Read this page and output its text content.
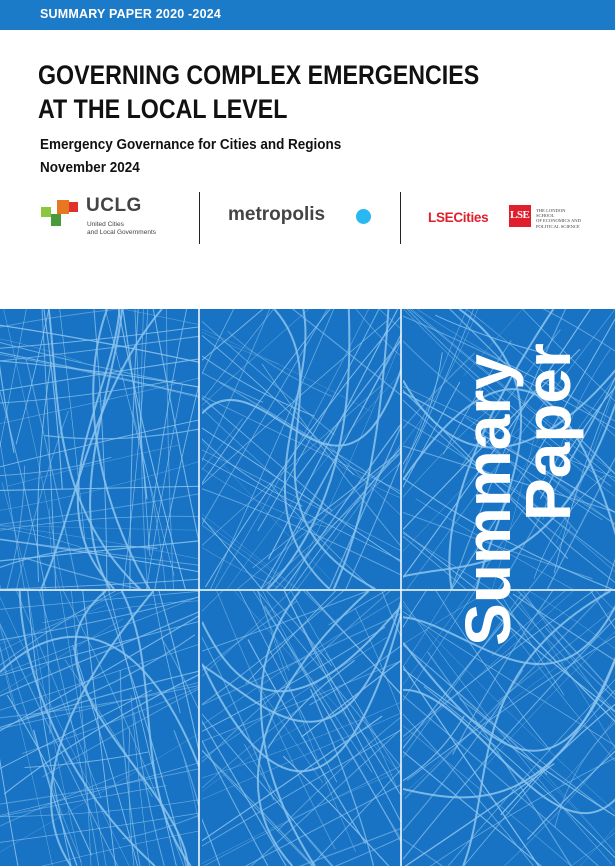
SUMMARY PAPER 2020 -2024
GOVERNING COMPLEX EMERGENCIES
AT THE LOCAL LEVEL
Emergency Governance for Cities and Regions
November 2024
UCLG
United Cities
and Local Governments
metropolis	LSECities LSE THE LONDON SCHOOL
OF ECONOMICS AND
POLITICAL SCIENCE
Summary
Paper
